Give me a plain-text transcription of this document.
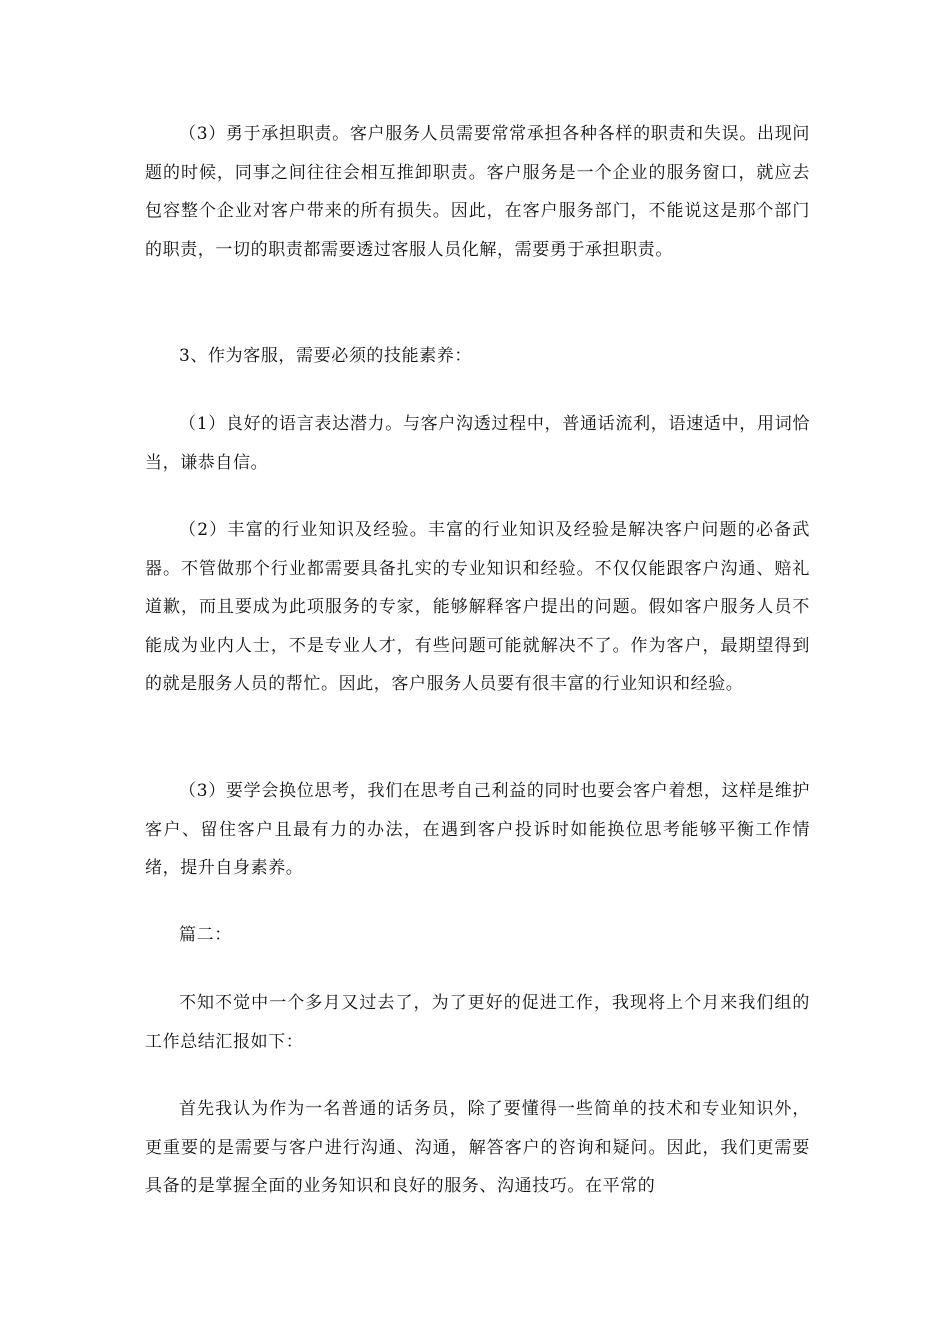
（3）勇于承担职责。客户服务人员需要常常承担各种各样的职责和失误。出现问题的时候，同事之间往往会相互推卸职责。客户服务是一个企业的服务窗口，就应去包容整个企业对客户带来的所有损失。因此，在客户服务部门，不能说这是那个部门的职责，一切的职责都需要透过客服人员化解，需要勇于承担职责。

3、作为客服，需要必须的技能素养：

（1）良好的语言表达潜力。与客户沟透过程中，普通话流利，语速适中，用词恰当，谦恭自信。

（2）丰富的行业知识及经验。丰富的行业知识及经验是解决客户问题的必备武器。不管做那个行业都需要具备扎实的专业知识和经验。不仅仅能跟客户沟通、赔礼道歉，而且要成为此项服务的专家，能够解释客户提出的问题。假如客户服务人员不能成为业内人士，不是专业人才，有些问题可能就解决不了。作为客户，最期望得到的就是服务人员的帮忙。因此，客户服务人员要有很丰富的行业知识和经验。

（3）要学会换位思考，我们在思考自己利益的同时也要会客户着想，这样是维护客户、留住客户且最有力的办法，在遇到客户投诉时如能换位思考能够平衡工作情绪，提升自身素养。

篇二：

不知不觉中一个多月又过去了，为了更好的促进工作，我现将上个月来我们组的工作总结汇报如下：

首先我认为作为一名普通的话务员，除了要懂得一些简单的技术和专业知识外，更重要的是需要与客户进行沟通、沟通，解答客户的咨询和疑问。因此，我们更需要具备的是掌握全面的业务知识和良好的服务、沟通技巧。在平常的
